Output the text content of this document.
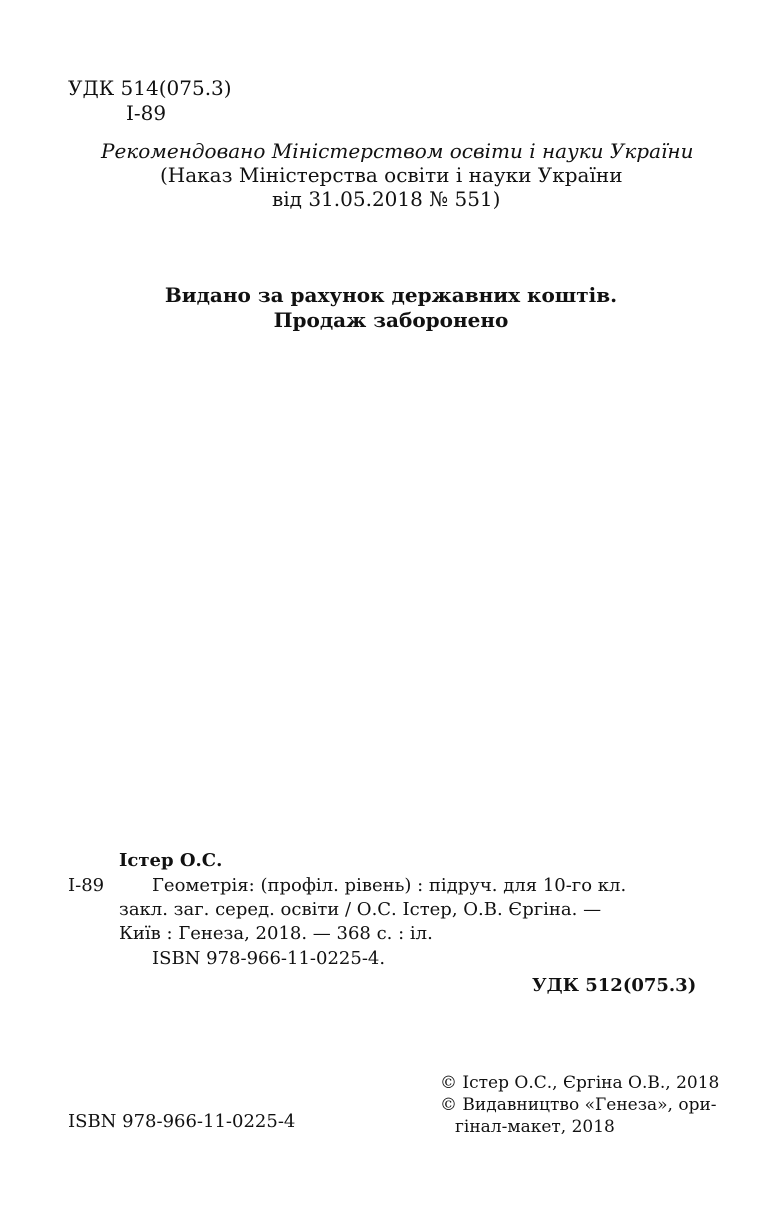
УДК 514(075.3)
І-89
Рекомендовано Міністерством освіти і науки України
(Наказ Міністерства освіти і науки України
від 31.05.2018 № 551)
Видано за рахунок державних коштів.
Продаж заборонено
Істер О.С.
І-89	Геометрія: (профіл. рівень) : підруч. для 10-го кл.
закл. заг. серед. освіти / О.С. Істер, О.В. Єргіна. —
Київ : Генеза, 2018. — 368 с. : іл.
ISBN 978-966-11-0225-4.
УДК 512(075.3)
ISBN 978-966-11-0225-4
© Істер О.С., Єргіна О.В., 2018
© Видавництво «Генеза», ори-
гінал-макет, 2018
